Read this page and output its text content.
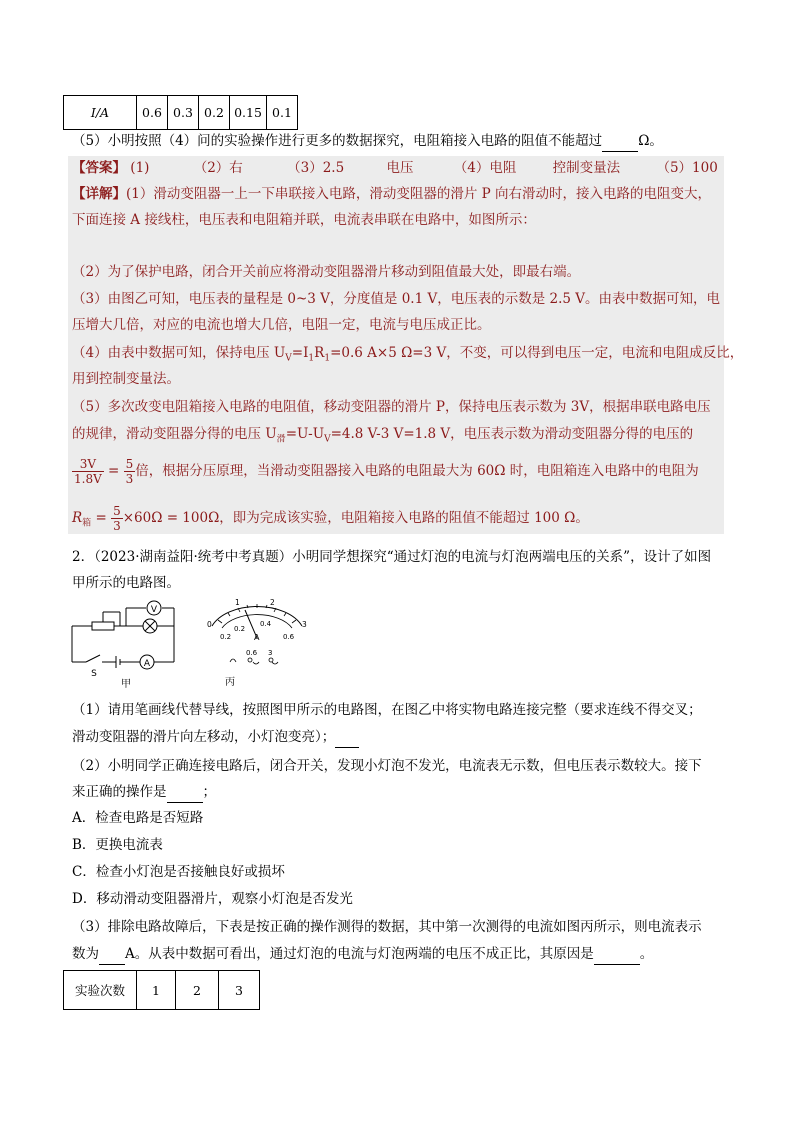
I/A	0.6	0.3	0.2	0.15	0.1
（5）小明按照（4）问的实验操作进行更多的数据探究，电阻箱接入电路的阻值不能超过	Ω。
【答案】 (1)	（2）右	（3）2.5	电压	（4）电阻	控制变量法	（5）100
【详解】(1）滑动变阻器一上一下串联接入电路，滑动变阻器的滑片 P 向右滑动时，接入电路的电阻变大，
下面连接 A 接线柱，电压表和电阻箱并联，电流表串联在电路中，如图所示：
（2）为了保护电路，闭合开关前应将滑动变阻器滑片移动到阻值最大处，即最右端。
（3）由图乙可知，电压表的量程是 0~3 V，分度值是 0.1 V，电压表的示数是 2.5 V。由表中数据可知，电
压增大几倍，对应的电流也增大几倍，电阻一定，电流与电压成正比。
（4）由表中数据可知，保持电压 $U_V=I_1R_1=0.6$ A×5 Ω=3 V，不变，可以得到电压一定，电流和电阻成反比，
用到控制变量法。
（5）多次改变电阻箱接入电路的电阻值，移动变阻器的滑片 P，保持电压表示数为 3V，根据串联电路电压
的规律，滑动变阻器分得的电压 $U_滑=U-U_V=4.8$ V-3 V=1.8 V，电压表示数为滑动变阻器分得的电压的
$\frac{3V}{1.8V} = \frac{5}{3}$ 倍，根据分压原理，当滑动变阻器接入电路的电阻最大为 60Ω 时，电阻箱连入电路中的电阻为
$R_箱 = \frac{5}{3} \times 60\Omega = 100\Omega$，即为完成该实验，电阻箱接入电路的阻值不能超过 100 Ω。
2．（2023·湖南益阳·统考中考真题）小明同学想探究“通过灯泡的电流与灯泡两端电压的关系”，设计了如图
甲所示的电路图。
V
A
S
甲
0
1	2
3
0.2
0.2
0.4
0.6
A
0.6 3
丙
（1）请用笔画线代替导线，按照图甲所示的电路图，在图乙中将实物电路连接完整（要求连线不得交叉；
滑动变阻器的滑片向左移动，小灯泡变亮）；
（2）小明同学正确连接电路后，闭合开关，发现小灯泡不发光，电流表无示数，但电压表示数较大。接下
来正确的操作是	；
A．检查电路是否短路
B．更换电流表
C．检查小灯泡是否接触良好或损坏
D．移动滑动变阻器滑片，观察小灯泡是否发光
（3）排除电路故障后，下表是按正确的操作测得的数据，其中第一次测得的电流如图丙所示，则电流表示
数为 A。从表中数据可看出，通过灯泡的电流与灯泡两端的电压不成正比，其原因是	。
实验次数	1	2	3
